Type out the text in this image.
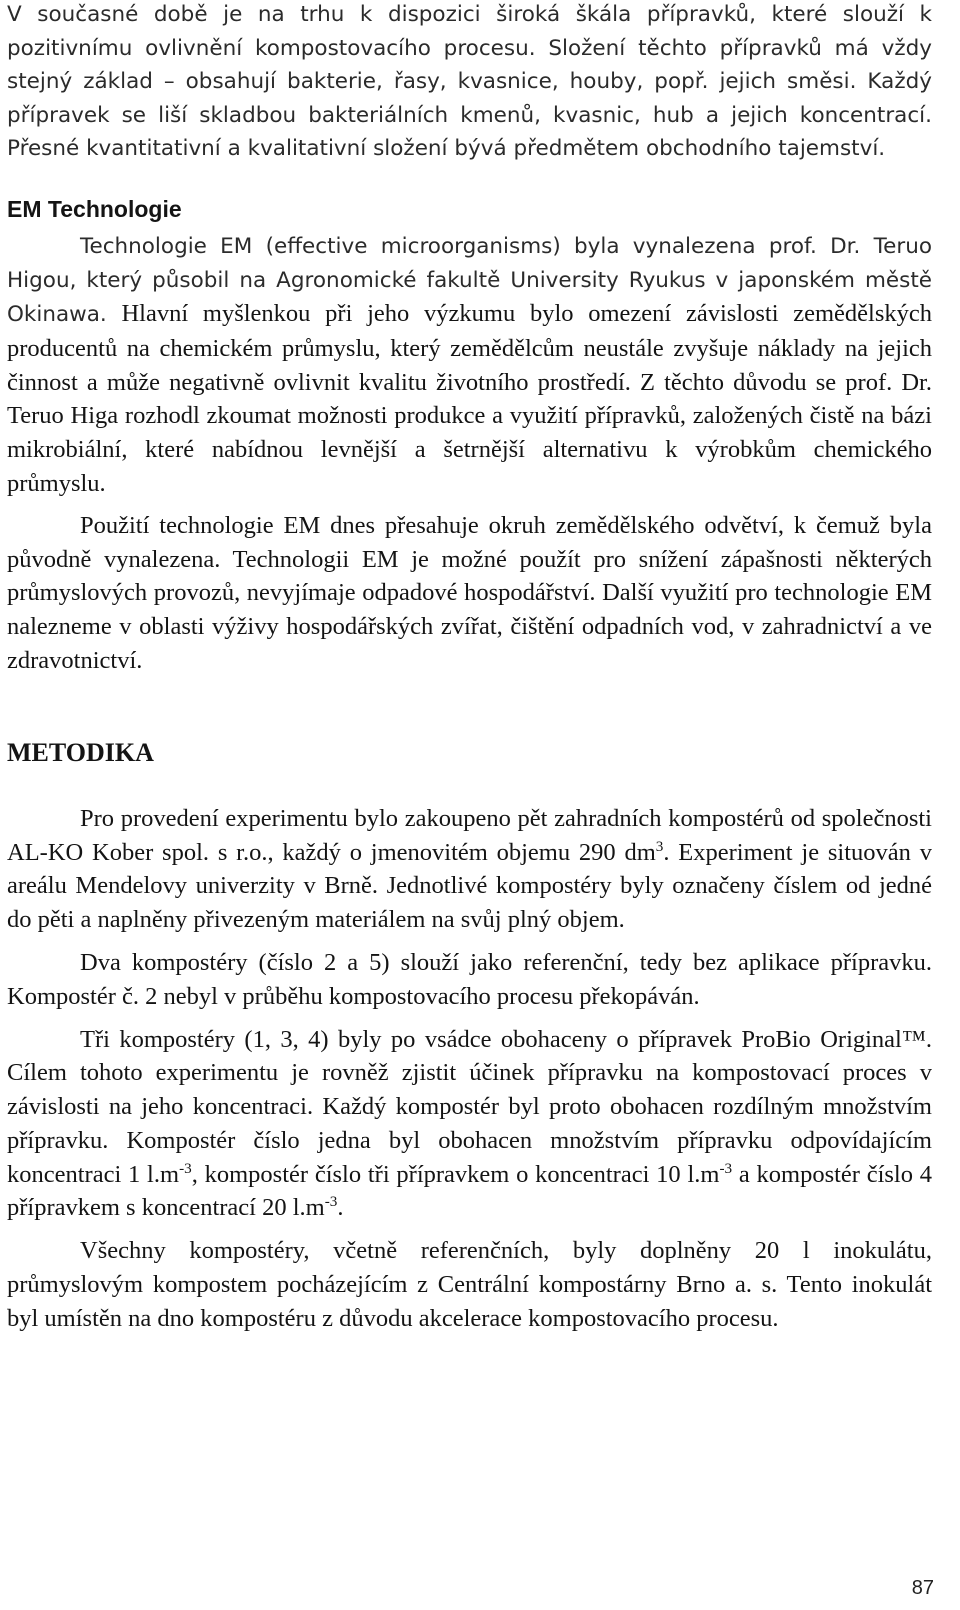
V současné době je na trhu k dispozici široká škála přípravků, které slouží k pozitivnímu ovlivnění kompostovacího procesu. Složení těchto přípravků má vždy stejný základ – obsahují bakterie, řasy, kvasnice, houby, popř. jejich směsi. Každý přípravek se liší skladbou bakteriálních kmenů, kvasnic, hub a jejich koncentrací. Přesné kvantitativní a kvalitativní složení bývá předmětem obchodního tajemství.

EM Technologie

Technologie EM (effective microorganisms) byla vynalezena prof. Dr. Teruo Higou, který působil na Agronomické fakultě University Ryukus v japonském městě Okinawa. Hlavní myšlenkou při jeho výzkumu bylo omezení závislosti zemědělských producentů na chemickém průmyslu, který zemědělcům neustále zvyšuje náklady na jejich činnost a může negativně ovlivnit kvalitu životního prostředí. Z těchto důvodu se prof. Dr. Teruo Higa rozhodl zkoumat možnosti produkce a využití přípravků, založených čistě na bázi mikrobiální, které nabídnou levnější a šetrnější alternativu k výrobkům chemického průmyslu.

Použití technologie EM dnes přesahuje okruh zemědělského odvětví, k čemuž byla původně vynalezena. Technologii EM je možné použít pro snížení zápašnosti některých průmyslových provozů, nevyjímaje odpadové hospodářství. Další využití pro technologie EM nalezneme v oblasti výživy hospodářských zvířat, čištění odpadních vod, v zahradnictví a ve zdravotnictví.

METODIKA

Pro provedení experimentu bylo zakoupeno pět zahradních kompostérů od společnosti AL-KO Kober spol. s r.o., každý o jmenovitém objemu 290 $dm^3$. Experiment je situován v areálu Mendelovy univerzity v Brně. Jednotlivé kompostéry byly označeny číslem od jedné do pěti a naplněny přivezeným materiálem na svůj plný objem.

Dva kompostéry (číslo 2 a 5) slouží jako referenční, tedy bez aplikace přípravku. Kompostér č. 2 nebyl v průběhu kompostovacího procesu překopáván.

Tři kompostéry (1, 3, 4) byly po vsádce obohaceny o přípravek ProBio Original™. Cílem tohoto experimentu je rovněž zjistit účinek přípravku na kompostovací proces v závislosti na jeho koncentraci. Každý kompostér byl proto obohacen rozdílným množstvím přípravku. Kompostér číslo jedna byl obohacen množstvím přípravku odpovídajícím koncentraci 1 $l.m^{-3}$, kompostér číslo tři přípravkem o koncentraci 10 $l.m^{-3}$ a kompostér číslo 4 přípravkem s koncentrací 20 $l.m^{-3}$.

Všechny kompostéry, včetně referenčních, byly doplněny 20 l inokulátu, průmyslovým kompostem pocházejícím z Centrální kompostárny Brno a. s. Tento inokulát byl umístěn na dno kompostéru z důvodu akcelerace kompostovacího procesu.

87
